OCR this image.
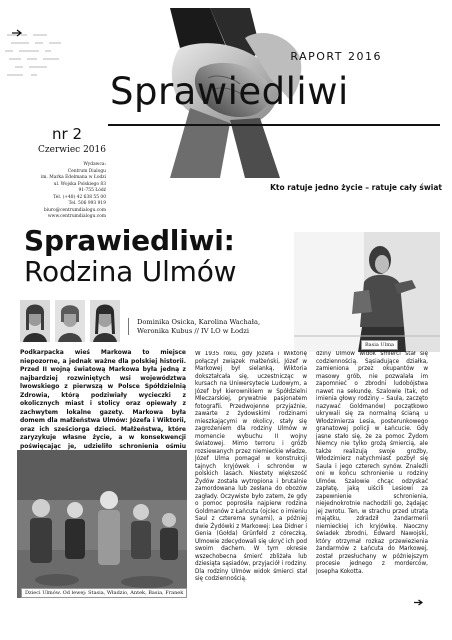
RAPORT 2016
Sprawiedliwi
nr 2
Czerwiec 2016
Wydawca:
Centrum Dialogu
im. Marka Edelmana w Łodzi
ul. Wojska Polskiego 83
91-755 Łódź
Tel. (+48) 42 638 55 00
Tel. 506 993 919
biuro@centrumdialogu.com
www.centrumdialogu.com
Kto ratuje jedno życie – ratuje cały świat
Sprawiedliwi:
Rodzina Ulmów
Dominika Osicka, Karolina Wachała,
Weronika Kubus // IV LO w Łodzi
Basia Ulma
Podkarpacka wieś Markowa to miejsce niepozorne, a jednak ważne dla polskiej historii. Przed II wojną światową Markowa była jedną z najbardziej rozwiniętych wsi województwa lwowskiego z pierwszą w Polsce Spółdzielnią Zdrowia, którą podziwiały wycieczki z okolicznych miast i stolicy oraz opiewały z zachwytem lokalne gazety. Markowa była domem dla małżeństwa Ulmów: Józefa i Wiktorii, oraz ich sześciorga dzieci. Małżeństwa, które zaryzykuje własne życie, a w konsekwencji poświęcając je, udzieliło schronienia ośmiu
Dzieci Ulmów. Od lewej: Stasia, Władzio, Antek, Basia, Franek
W 1935 roku, gdy Józefa i Wiktorię połączył związek małżeński, Józef w Markowej był sielanką, Wiktoria dokształcała się, uczestnicząc w kursach na Uniwersytecie Ludowym, a Józef był kierownikiem w Spółdzielni Mleczarskiej, prywatnie pasjonatem fotografii. Przedwojenne przyjaźnie, zawarte z żydowskimi rodzinami mieszkającymi w okolicy, stały się zagrożeniem dla rodziny Ulmów w momencie wybuchu II wojny światowej. Mimo terroru i gróźb rozsiewanych przez niemieckie władze, Józef Ulma pomagał w konstrukcji tajnych kryjówek i schronów w polskich lasach. Niestety większość Żydów została wytropiona i brutalnie zamordowana lub zesłana do obozów zagłady. Oczywiste było zatem, że gdy o pomoc poprosiła najpierw rodzina Goldmanów z Łańcuta (ojciec o imieniu Saul z czterema synami), a później dwie Żydówki z Markowej: Lea Didner i Genia (Gołda) Grünfeld z córeczką, Ulmowie zdecydowali się ukryć ich pod swoim dachem. W tym okresie wszechobecna śmierć zbliżała lub dziesiąta sąsiadów, przyjaciół i rodziny. Dla rodziny Ulmów widok śmierci stał się codziennością.
dziny Ulmów widok śmierci stał się codziennością. Sąsiadujące działka, zamieniona przez okupantów w masowy grób, nie pozwalała im zapomnieć o zbrodni ludobójstwa nawet na sekundę. Szalowie (tak, od imienia głowy rodziny – Saula, zaczęto nazywać Goldmanów) początkowo ukrywali się za normalną ścianą u Włodzimierza Lesia, posterunkowego granatowej policji w Łańcucie. Gdy jasne stało się, że za pomoc Żydom Niemcy nie tylko grożą śmiercią, ale także realizują swoje groźby, Włodzimierz natychmiast pozbył się Saula i jego czterech synów. Znaleźli oni w końcu schronienie u rodziny Ulmów. Szalowie chcąc odzyskać zapłatę, jaką uiścili Lesiowi za zapewnienie schronienia, niejednokrotnie nachodzili go, żądając jej zwrotu. Ten, w strachu przed utratą majątku, zdradził żandarmerii niemieckiej ich kryjówkę. Naoczny świadek zbrodni, Edward Nawojski, który otrzymał rozkaz przewiezienia żandarmów z Łańcuta do Markowej, został przesłuchany w późniejszym procesie jednego z morderców, Josepha Kokotta.
